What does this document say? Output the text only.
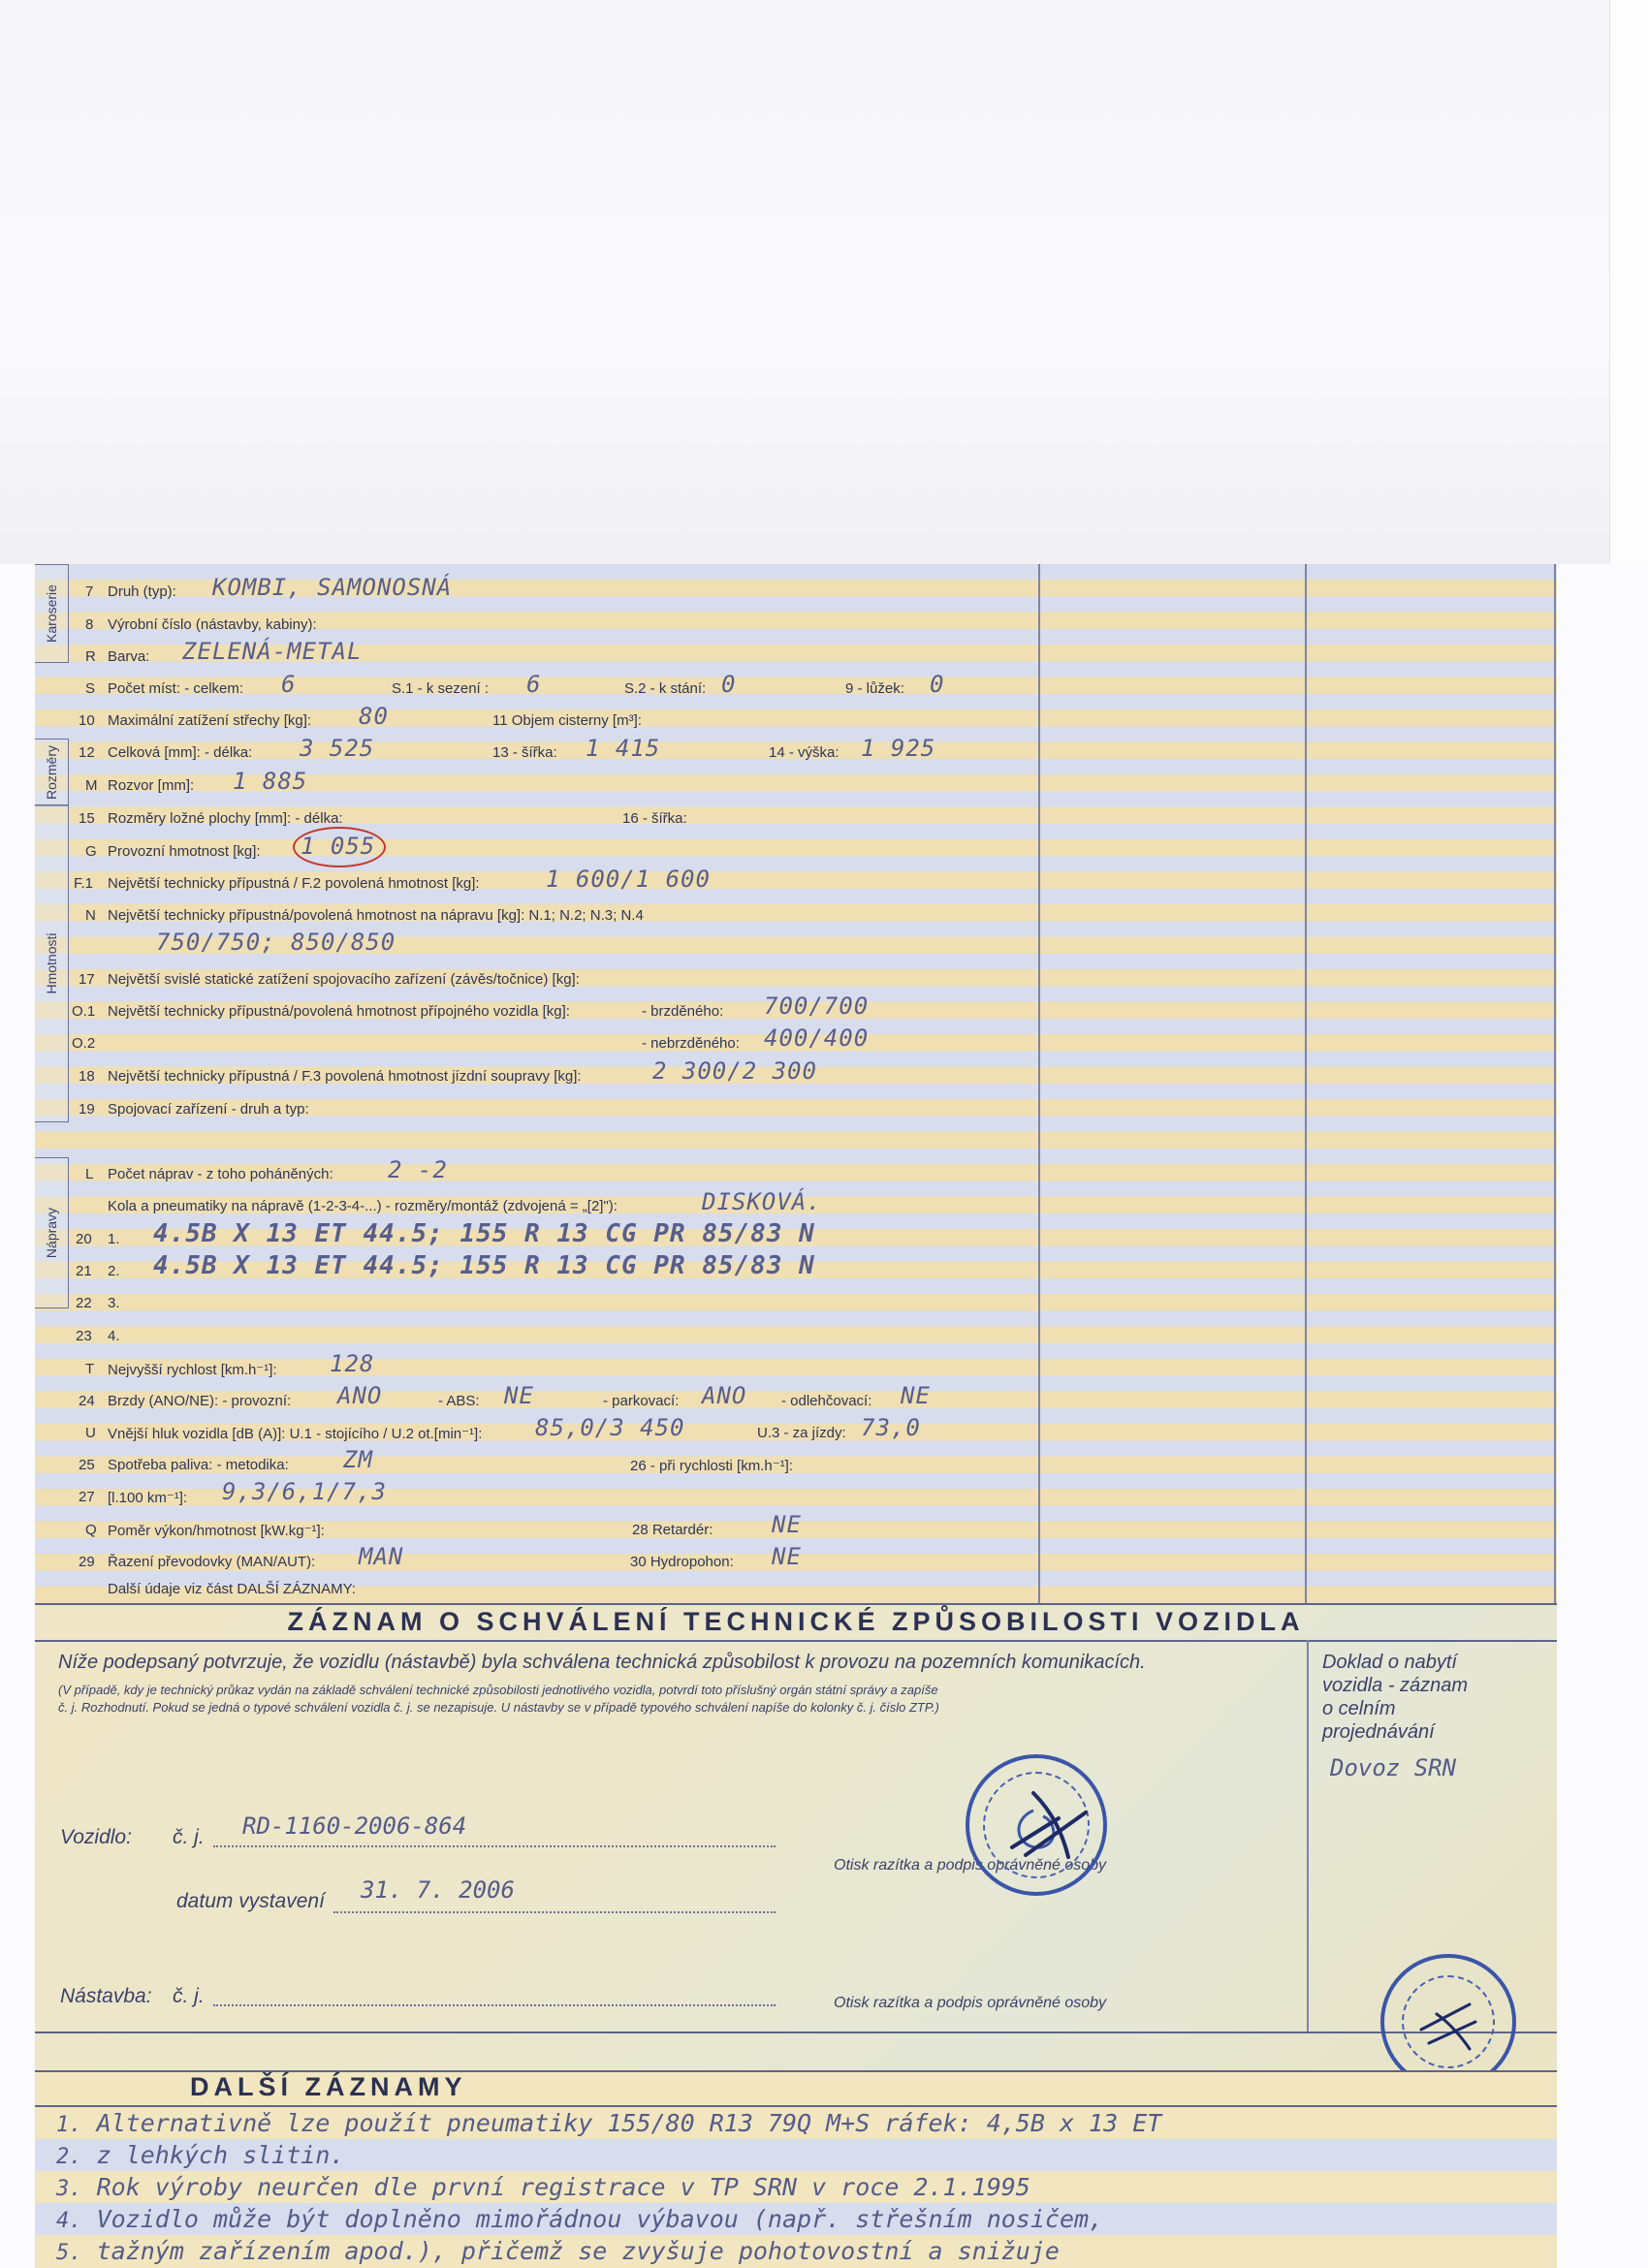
Karoserie
Rozměry
Hmotnosti
Nápravy
7 Druh (typ): KOMBI, SAMONOSNÁ
8 Výrobní číslo (nástavby, kabiny):
R Barva: ZELENÁ-METAL
S Počet míst: - celkem: 6	S.1 - k sezení : 6	S.2 - k stání: 0	9 - lůžek: 0
10 Maximální zatížení střechy [kg]: 80	11 Objem cisterny [m³]:
12 Celková [mm]: - délka: 3 525	13 - šířka: 1 415	14 - výška: 1 925
M Rozvor [mm]: 1 885
15 Rozměry ložné plochy [mm]: - délka:	16 - šířka:
G Provozní hmotnost [kg]: 1 055
F.1 Největší technicky přípustná / F.2 povolená hmotnost [kg]:	1 600/1 600
N Největší technicky přípustná/povolená hmotnost na nápravu [kg]: N.1; N.2; N.3; N.4
750/750; 850/850
17 Největší svislé statické zatížení spojovacího zařízení (závěs/točnice) [kg]:
O.1 Největší technicky přípustná/povolená hmotnost přípojného vozidla [kg]:	- brzděného: 700/700
O.2	- nebrzděného: 400/400
18 Největší technicky přípustná / F.3 povolená hmotnost jízdní soupravy [kg]:	2 300/2 300
19 Spojovací zařízení - druh a typ:
L Počet náprav - z toho poháněných: 2 -2
Kola a pneumatiky na nápravě (1-2-3-4-...) - rozměry/montáž (zdvojená = „[2]"):	DISKOVÁ.
20 1. 4.5B X 13 ET 44.5; 155 R 13 CG PR 85/83 N
21 2. 4.5B X 13 ET 44.5; 155 R 13 CG PR 85/83 N
22 3.
23 4.
T Nejvyšší rychlost [km.h⁻¹]: 128
24 Brzdy (ANO/NE): - provozní: ANO	- ABS: NE	- parkovací: ANO - odlehčovací: NE
U Vnější hluk vozidla [dB (A)]: U.1 - stojícího / U.2 ot.[min⁻¹]: 85,0/3 450	U.3 - za jízdy: 73,0
25 Spotřeba paliva: - metodika: ZM	26 - při rychlosti [km.h⁻¹]:
27 [l.100 km⁻¹]: 9,3/6,1/7,3
Q Poměr výkon/hmotnost [kW.kg⁻¹]:	28 Retardér:	NE
29 Řazení převodovky (MAN/AUT): MAN	30 Hydropohon: NE
Další údaje viz část DALŠÍ ZÁZNAMY:
ZÁZNAM O SCHVÁLENÍ TECHNICKÉ ZPŮSOBILOSTI VOZIDLA
Níže podepsaný potvrzuje, že vozidlu (nástavbě) byla schválena technická způsobilost k provozu na pozemních komunikacích.
(V případě, kdy je technický průkaz vydán na základě schválení technické způsobilosti jednotlivého vozidla, potvrdí toto příslušný orgán státní správy a zapíše
č. j. Rozhodnutí. Pokud se jedná o typové schválení vozidla č. j. se nezapisuje. U nástavby se v případě typového schválení napíše do kolonky č. j. číslo ZTP.)
Vozidlo: č. j. RD-1160-2006-864
datum vystavení 31. 7. 2006
Otisk razítka a podpis oprávněné osoby
Nástavba: č. j.	Otisk razítka a podpis oprávněné osoby
Doklad o nabytí
vozidla - záznam
o celním
projednávání
Dovoz SRN
DALŠÍ ZÁZNAMY
1. Alternativně lze použít pneumatiky 155/80 R13 79Q M+S ráfek: 4,5B x 13 ET
2. z lehkých slitin.
3. Rok výroby neurčen dle první registrace v TP SRN v roce 2.1.1995
4. Vozidlo může být doplněno mimořádnou výbavou (např. střešním nosičem,
5. tažným zařízením apod.), přičemž se zvyšuje pohotovostní a snižuje
